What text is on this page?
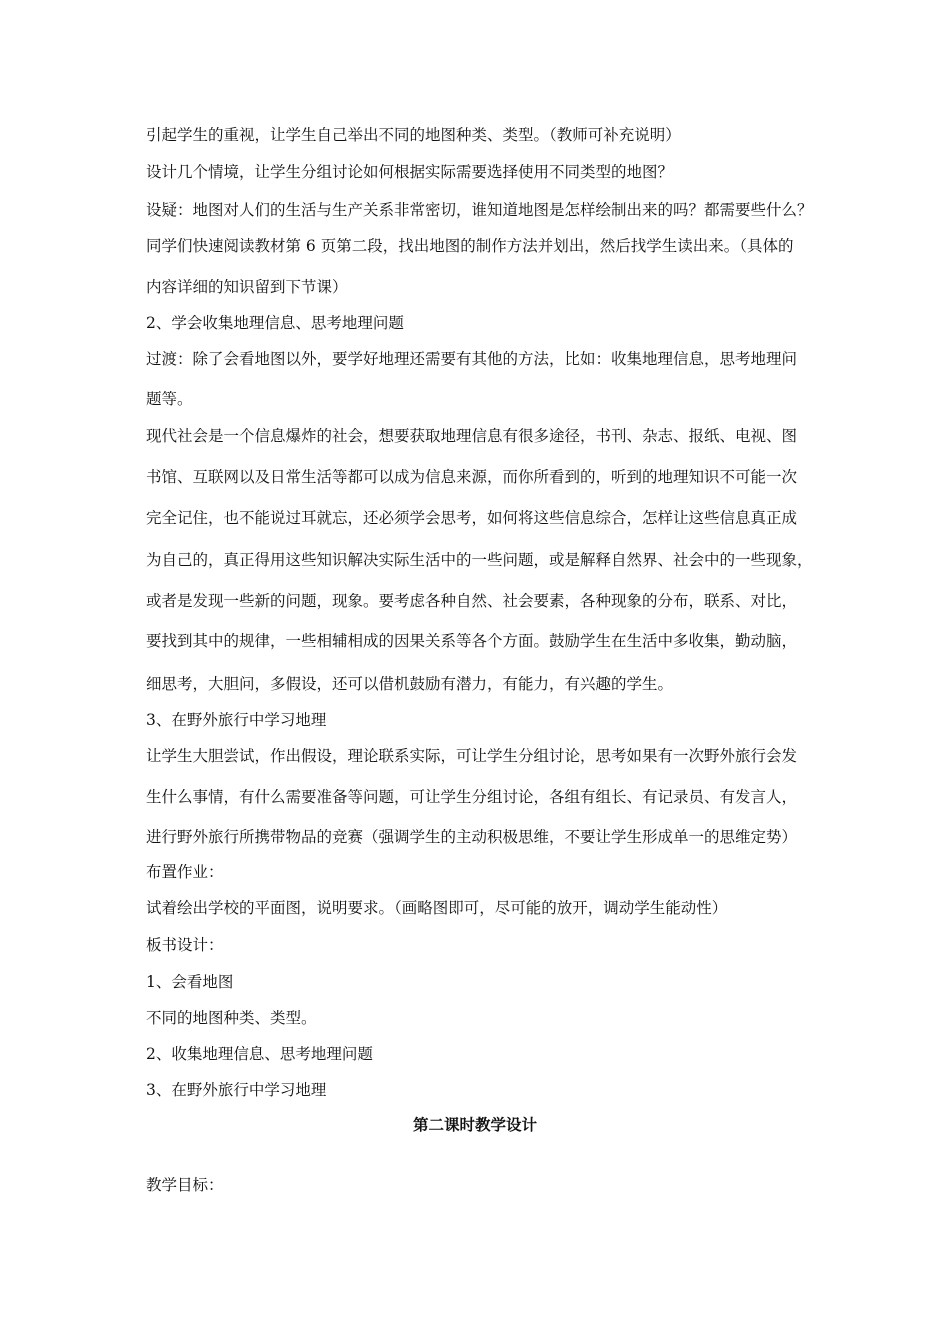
引起学生的重视，让学生自己举出不同的地图种类、类型。（教师可补充说明）
设计几个情境，让学生分组讨论如何根据实际需要选择使用不同类型的地图？
设疑：地图对人们的生活与生产关系非常密切，谁知道地图是怎样绘制出来的吗？都需要些什么？
同学们快速阅读教材第 6 页第二段，找出地图的制作方法并划出，然后找学生读出来。（具体的
内容详细的知识留到下节课）
2、学会收集地理信息、思考地理问题
过渡：除了会看地图以外，要学好地理还需要有其他的方法，比如：收集地理信息，思考地理问
题等。
现代社会是一个信息爆炸的社会，想要获取地理信息有很多途径，书刊、杂志、报纸、电视、图
书馆、互联网以及日常生活等都可以成为信息来源，而你所看到的，听到的地理知识不可能一次
完全记住，也不能说过耳就忘，还必须学会思考，如何将这些信息综合，怎样让这些信息真正成
为自己的，真正得用这些知识解决实际生活中的一些问题，或是解释自然界、社会中的一些现象，
或者是发现一些新的问题，现象。要考虑各种自然、社会要素，各种现象的分布，联系、对比，
要找到其中的规律，一些相辅相成的因果关系等各个方面。鼓励学生在生活中多收集，勤动脑，
细思考，大胆问，多假设，还可以借机鼓励有潜力，有能力，有兴趣的学生。
3、在野外旅行中学习地理
让学生大胆尝试，作出假设，理论联系实际，可让学生分组讨论，思考如果有一次野外旅行会发
生什么事情，有什么需要准备等问题，可让学生分组讨论，各组有组长、有记录员、有发言人，
进行野外旅行所携带物品的竞赛（强调学生的主动积极思维，不要让学生形成单一的思维定势）
布置作业：
试着绘出学校的平面图，说明要求。（画略图即可，尽可能的放开，调动学生能动性）
板书设计：
1、会看地图
不同的地图种类、类型。
2、收集地理信息、思考地理问题
3、在野外旅行中学习地理
第二课时教学设计
教学目标：
